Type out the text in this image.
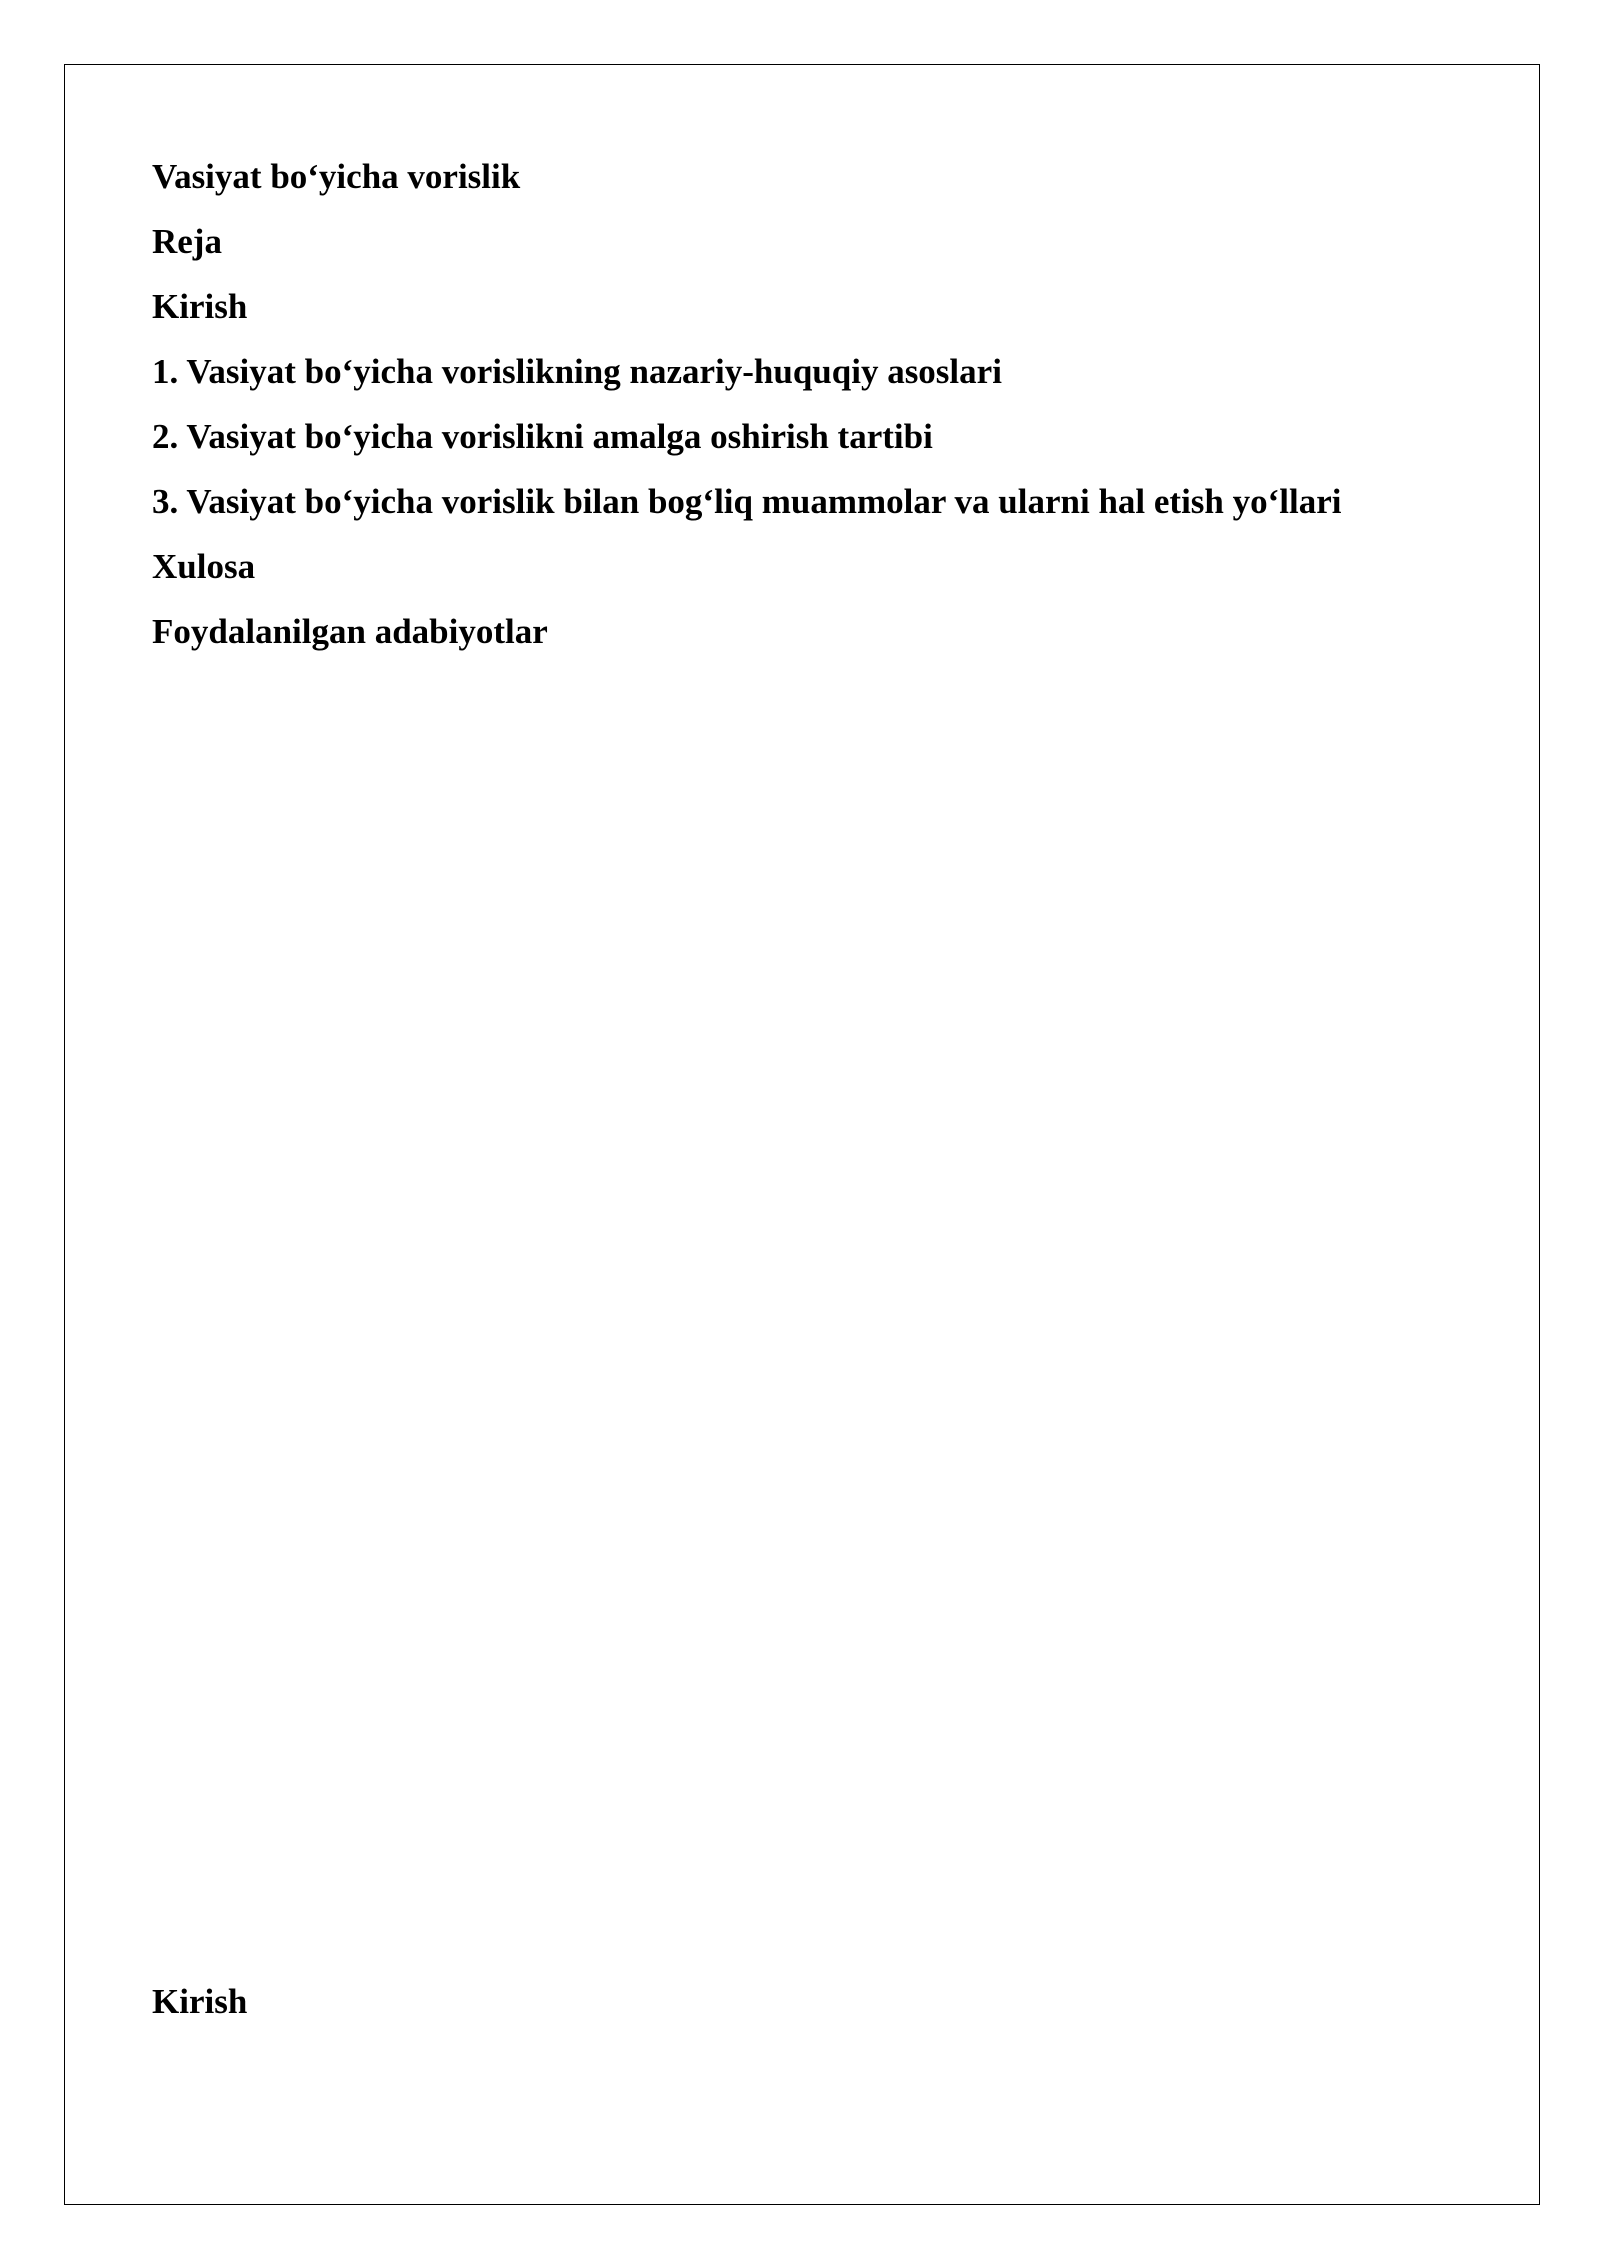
Vasiyat bo‘yicha vorislik

Reja

Kirish

1. Vasiyat bo‘yicha vorislikning nazariy-huquqiy asoslari

2. Vasiyat bo‘yicha vorislikni amalga oshirish tartibi

3. Vasiyat bo‘yicha vorislik bilan bog‘liq muammolar va ularni hal etish yo‘llari

Xulosa

Foydalanilgan adabiyotlar

Kirish
